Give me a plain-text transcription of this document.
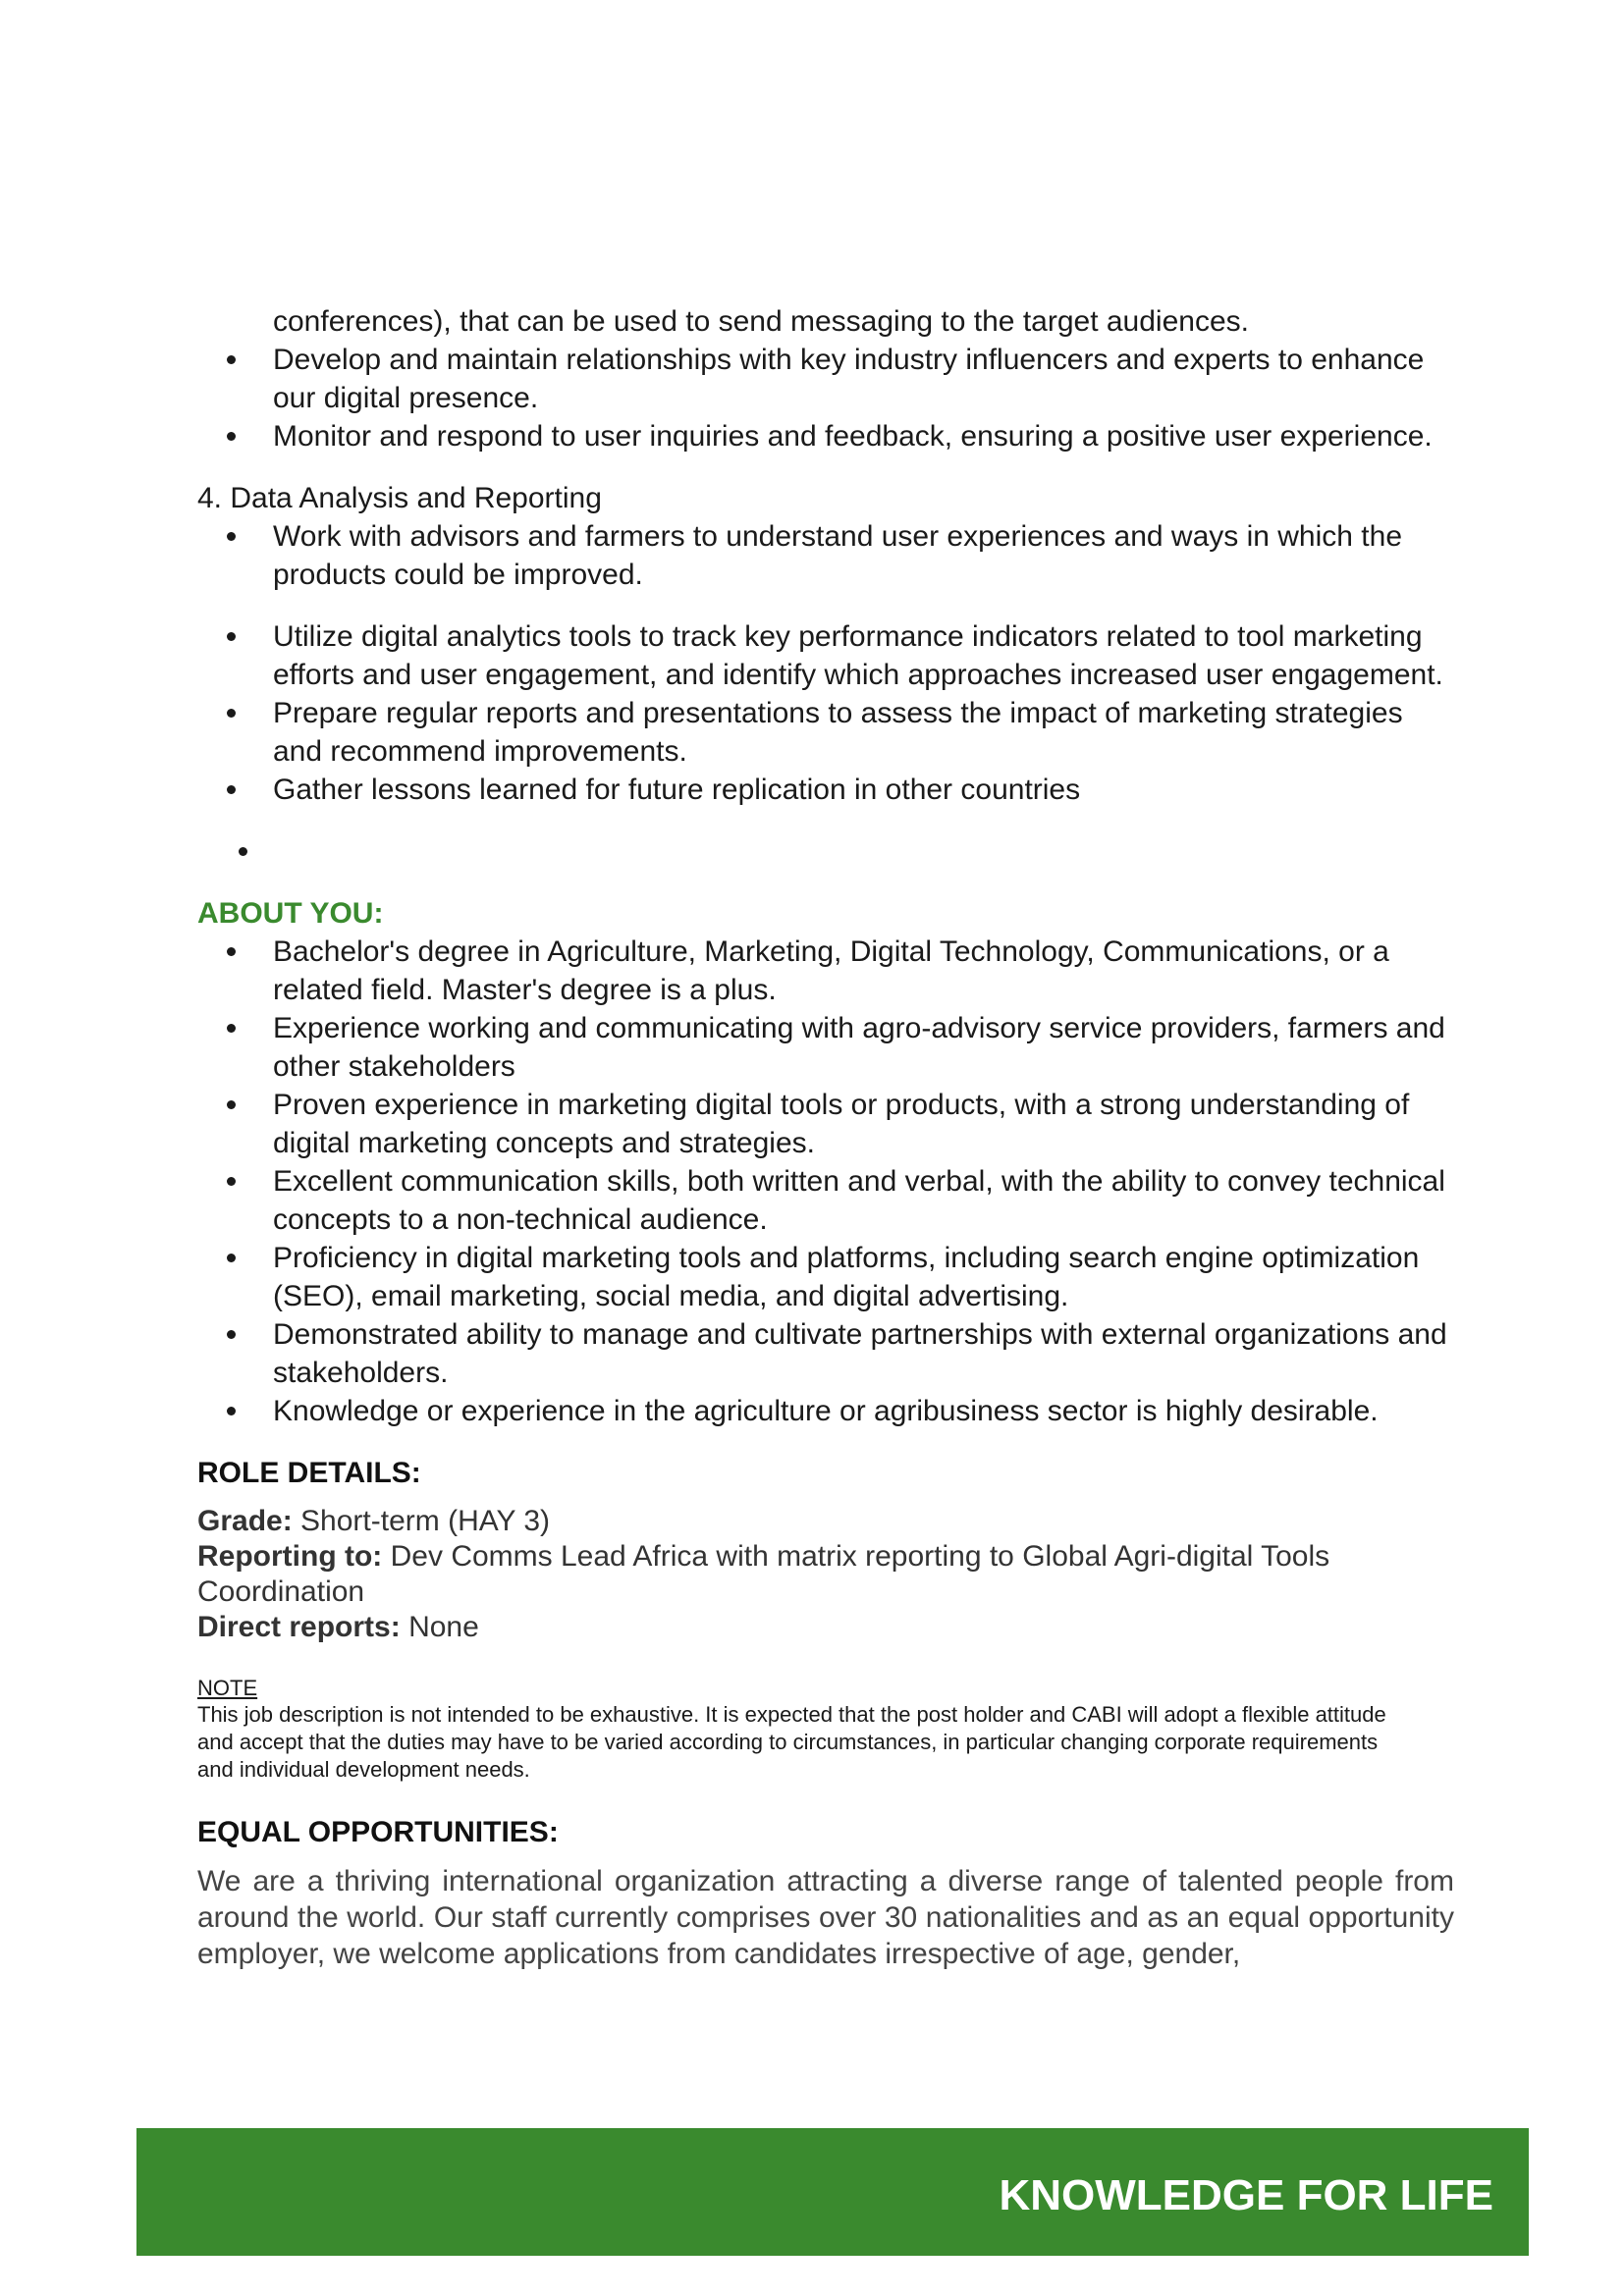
conferences), that can be used to send messaging to the target audiences.
Develop and maintain relationships with key industry influencers and experts to enhance our digital presence.
Monitor and respond to user inquiries and feedback, ensuring a positive user experience.
4. Data Analysis and Reporting
Work with advisors and farmers to understand user experiences and ways in which the products could be improved.
Utilize digital analytics tools to track key performance indicators related to tool marketing efforts and user engagement, and identify which approaches increased user engagement.
Prepare regular reports and presentations to assess the impact of marketing strategies and recommend improvements.
Gather lessons learned for future replication in other countries
ABOUT YOU:
Bachelor's degree in Agriculture, Marketing, Digital Technology, Communications, or a related field. Master's degree is a plus.
Experience working and communicating with agro-advisory service providers, farmers and other stakeholders
Proven experience in marketing digital tools or products, with a strong understanding of digital marketing concepts and strategies.
Excellent communication skills, both written and verbal, with the ability to convey technical concepts to a non-technical audience.
Proficiency in digital marketing tools and platforms, including search engine optimization (SEO), email marketing, social media, and digital advertising.
Demonstrated ability to manage and cultivate partnerships with external organizations and stakeholders.
Knowledge or experience in the agriculture or agribusiness sector is highly desirable.
ROLE DETAILS:
Grade: Short-term (HAY 3)
Reporting to: Dev Comms Lead Africa with matrix reporting to Global Agri-digital Tools Coordination
Direct reports: None
NOTE
This job description is not intended to be exhaustive. It is expected that the post holder and CABI will adopt a flexible attitude and accept that the duties may have to be varied according to circumstances, in particular changing corporate requirements and individual development needs.
EQUAL OPPORTUNITIES:
We are a thriving international organization attracting a diverse range of talented people from around the world. Our staff currently comprises over 30 nationalities and as an equal opportunity employer, we welcome applications from candidates irrespective of age, gender,
KNOWLEDGE FOR LIFE
